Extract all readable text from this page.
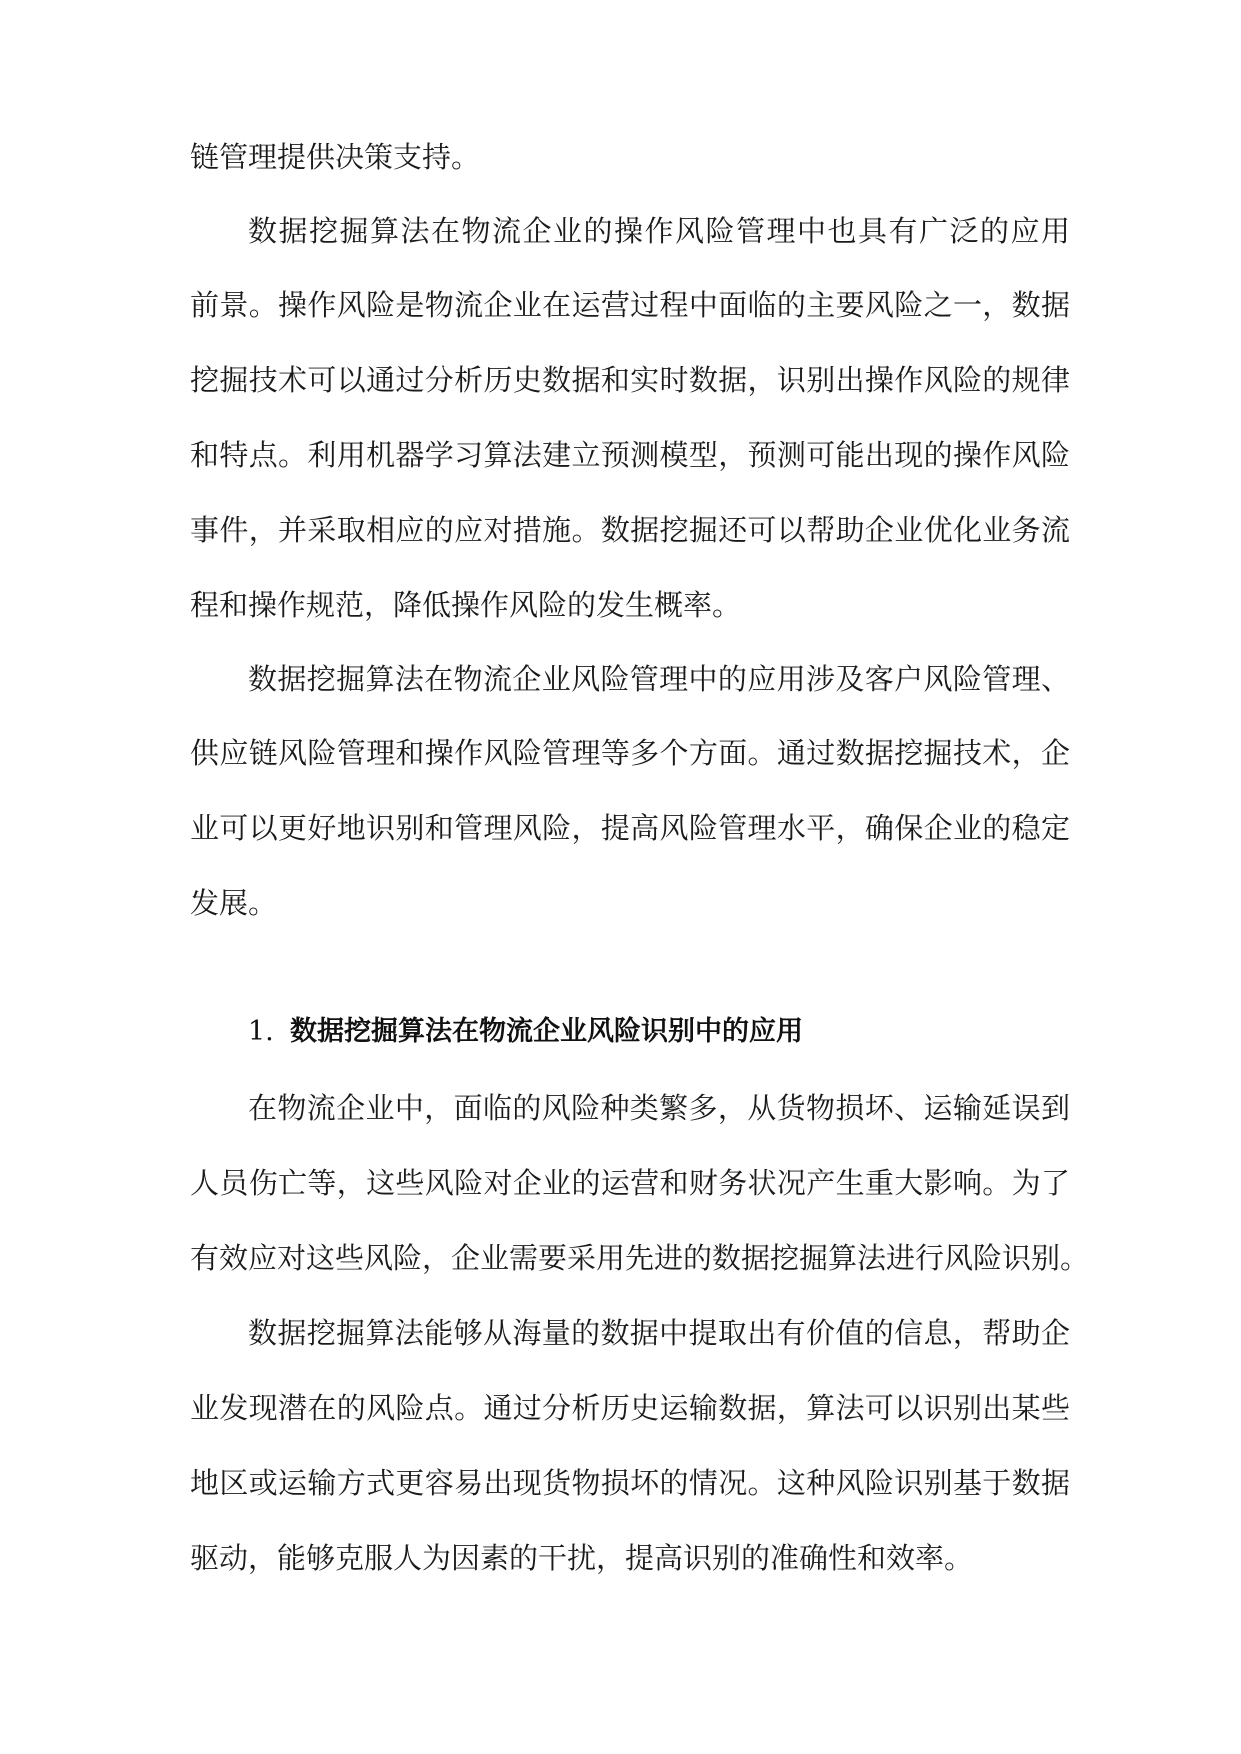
链管理提供决策支持。
数据挖掘算法在物流企业的操作风险管理中也具有广泛的应用
前景。操作风险是物流企业在运营过程中面临的主要风险之一，数据
挖掘技术可以通过分析历史数据和实时数据，识别出操作风险的规律
和特点。利用机器学习算法建立预测模型，预测可能出现的操作风险
事件，并采取相应的应对措施。数据挖掘还可以帮助企业优化业务流
程和操作规范，降低操作风险的发生概率。
数据挖掘算法在物流企业风险管理中的应用涉及客户风险管理、
供应链风险管理和操作风险管理等多个方面。通过数据挖掘技术，企
业可以更好地识别和管理风险，提高风险管理水平，确保企业的稳定
发展。
1. 数据挖掘算法在物流企业风险识别中的应用
在物流企业中，面临的风险种类繁多，从货物损坏、运输延误到
人员伤亡等，这些风险对企业的运营和财务状况产生重大影响。为了
有效应对这些风险，企业需要采用先进的数据挖掘算法进行风险识别。
数据挖掘算法能够从海量的数据中提取出有价值的信息，帮助企
业发现潜在的风险点。通过分析历史运输数据，算法可以识别出某些
地区或运输方式更容易出现货物损坏的情况。这种风险识别基于数据
驱动，能够克服人为因素的干扰，提高识别的准确性和效率。
